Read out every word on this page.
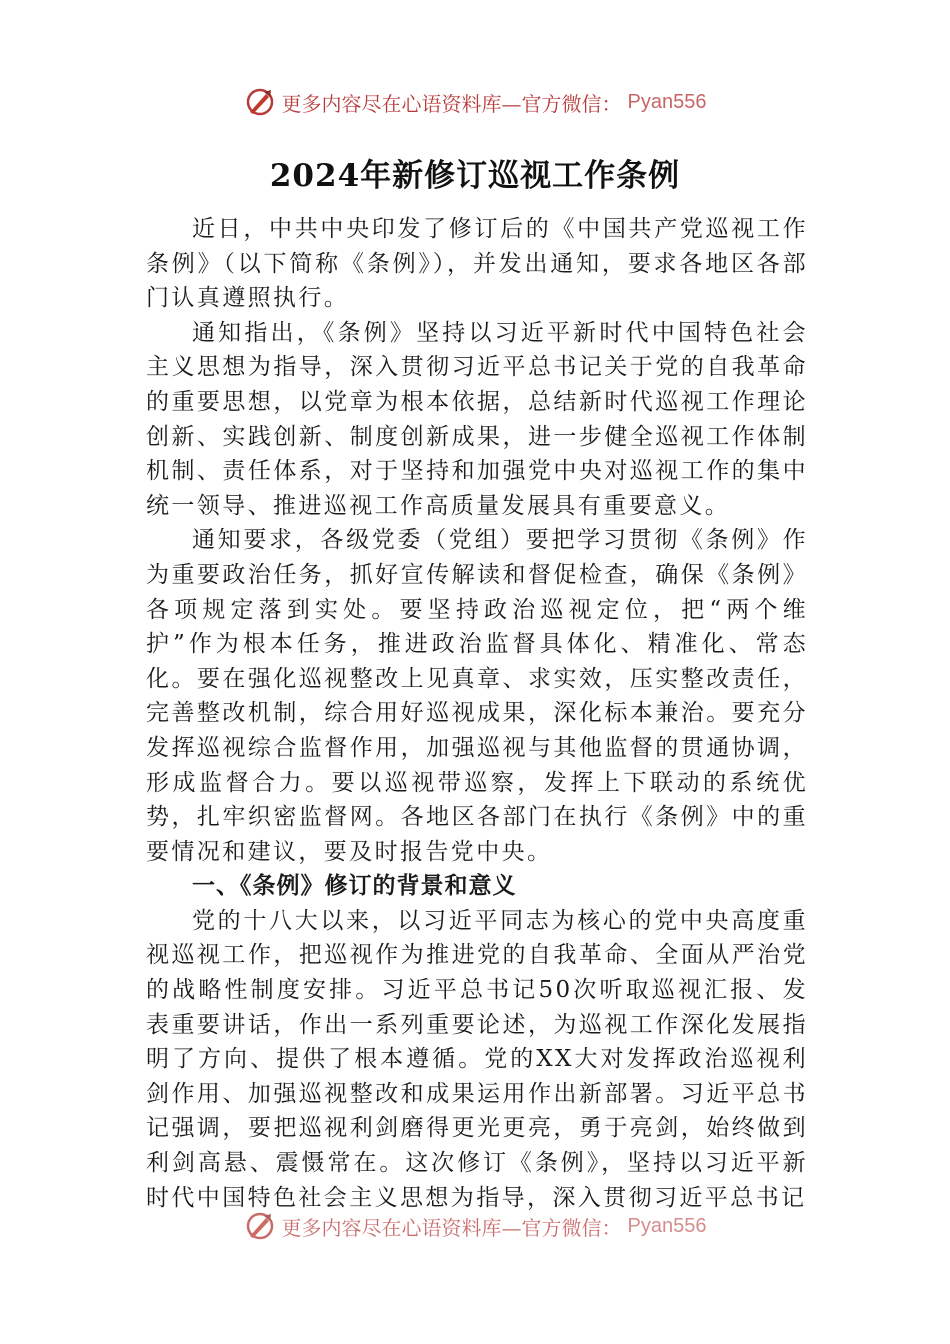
更多内容尽在心语资料库—官方微信： Pyan556
2024年新修订巡视工作条例

近日，中共中央印发了修订后的《中国共产党巡视工作条例》（以下简称《条例》），并发出通知，要求各地区各部门认真遵照执行。

通知指出，《条例》坚持以习近平新时代中国特色社会主义思想为指导，深入贯彻习近平总书记关于党的自我革命的重要思想，以党章为根本依据，总结新时代巡视工作理论创新、实践创新、制度创新成果，进一步健全巡视工作体制机制、责任体系，对于坚持和加强党中央对巡视工作的集中统一领导、推进巡视工作高质量发展具有重要意义。

通知要求，各级党委（党组）要把学习贯彻《条例》作为重要政治任务，抓好宣传解读和督促检查，确保《条例》各项规定落到实处。要坚持政治巡视定位，把“两个维护”作为根本任务，推进政治监督具体化、精准化、常态化。要在强化巡视整改上见真章、求实效，压实整改责任，完善整改机制，综合用好巡视成果，深化标本兼治。要充分发挥巡视综合监督作用，加强巡视与其他监督的贯通协调，形成监督合力。要以巡视带巡察，发挥上下联动的系统优势，扎牢织密监督网。各地区各部门在执行《条例》中的重要情况和建议，要及时报告党中央。

一、《条例》修订的背景和意义

党的十八大以来，以习近平同志为核心的党中央高度重视巡视工作，把巡视作为推进党的自我革命、全面从严治党的战略性制度安排。习近平总书记50次听取巡视汇报、发表重要讲话，作出一系列重要论述，为巡视工作深化发展指明了方向、提供了根本遵循。党的XX大对发挥政治巡视利剑作用、加强巡视整改和成果运用作出新部署。习近平总书记强调，要把巡视利剑磨得更光更亮，勇于亮剑，始终做到利剑高悬、震慑常在。这次修订《条例》，坚持以习近平新时代中国特色社会主义思想为指导，深入贯彻习近平总书记

更多内容尽在心语资料库—官方微信： Pyan556
